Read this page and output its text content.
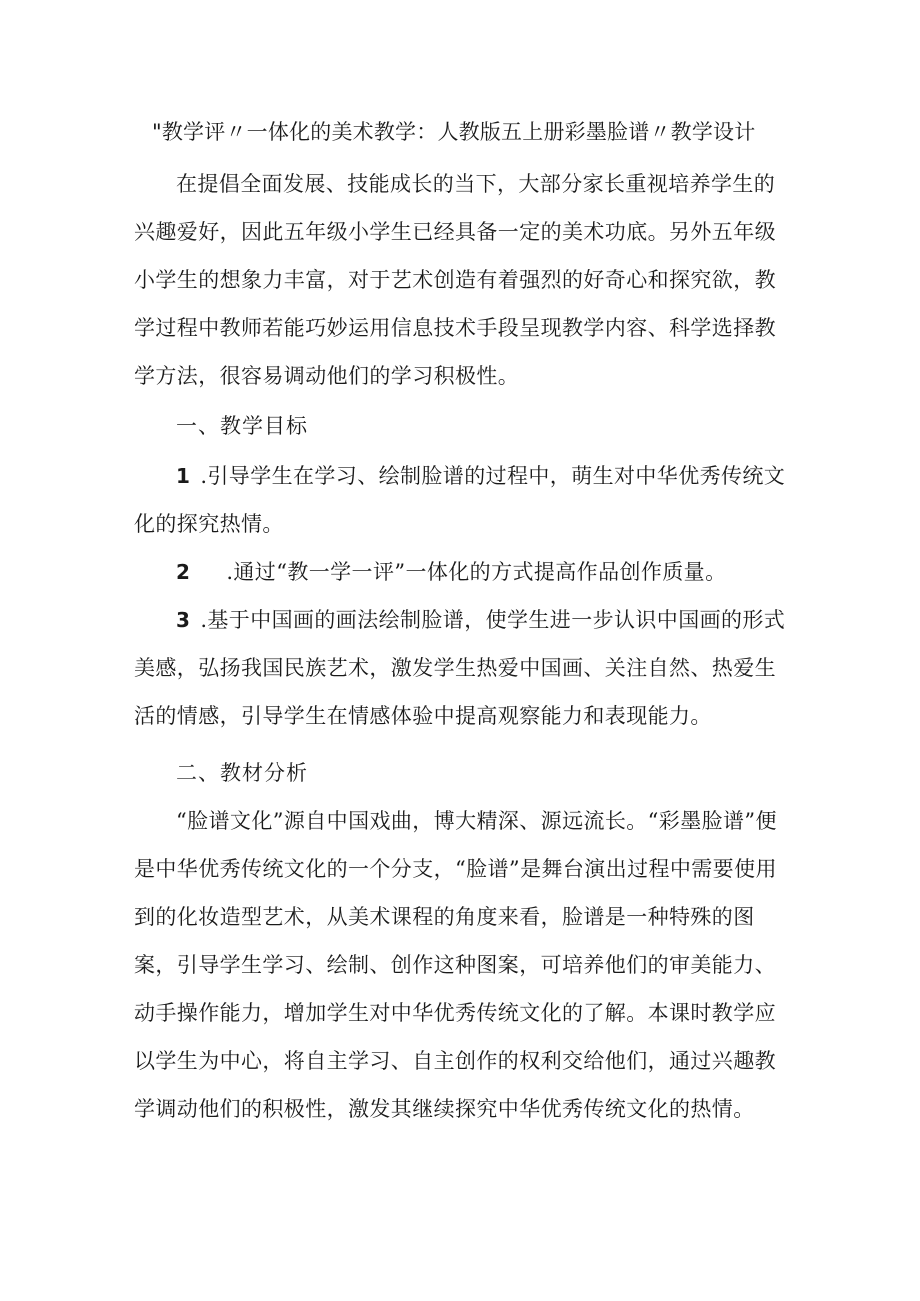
"教学评〃一体化的美术教学：人教版五上册彩墨脸谱〃教学设计
在提倡全面发展、技能成长的当下，大部分家长重视培养学生的兴趣爱好，因此五年级小学生已经具备一定的美术功底。另外五年级小学生的想象力丰富，对于艺术创造有着强烈的好奇心和探究欲，教学过程中教师若能巧妙运用信息技术手段呈现教学内容、科学选择教学方法，很容易调动他们的学习积极性。
一、教学目标
1 .引导学生在学习、绘制脸谱的过程中，萌生对中华优秀传统文化的探究热情。
2 .通过“教一学一评”一体化的方式提高作品创作质量。
3 .基于中国画的画法绘制脸谱，使学生进一步认识中国画的形式美感，弘扬我国民族艺术，激发学生热爱中国画、关注自然、热爱生活的情感，引导学生在情感体验中提高观察能力和表现能力。
二、教材分析
“脸谱文化”源自中国戏曲，博大精深、源远流长。“彩墨脸谱”便是中华优秀传统文化的一个分支，“脸谱”是舞台演出过程中需要使用到的化妆造型艺术，从美术课程的角度来看，脸谱是一种特殊的图案，引导学生学习、绘制、创作这种图案，可培养他们的审美能力、动手操作能力，增加学生对中华优秀传统文化的了解。本课时教学应以学生为中心，将自主学习、自主创作的权利交给他们，通过兴趣教学调动他们的积极性，激发其继续探究中华优秀传统文化的热情。
